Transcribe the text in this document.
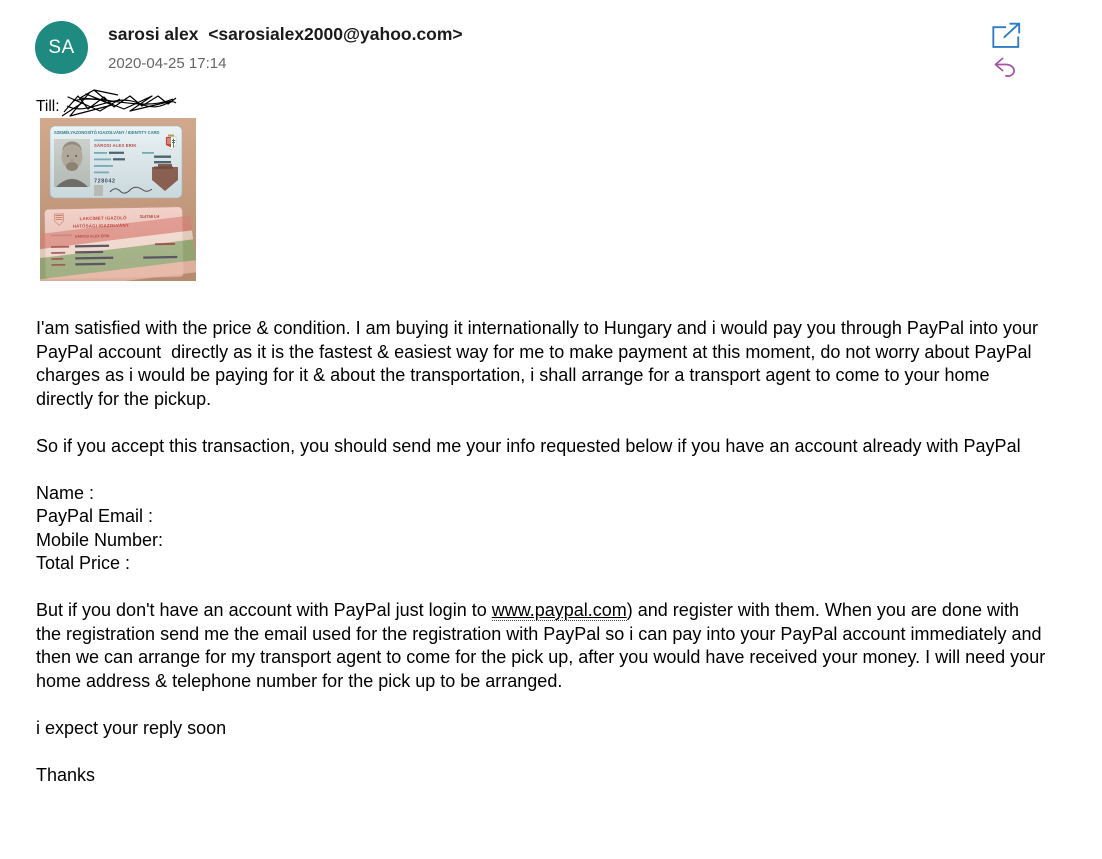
SA
sarosi alex  <sarosialex2000@yahoo.com>
2020-04-25 17:14
Till:
SZEMÉLYAZONOSÍTÓ IGAZOLVÁNY / IDENTITY CARD
SÁROSI ALEX ERIK
728042
LAKCÍMET IGAZOLÓ	314758 LH
HATÓSÁGI IGAZOLVÁNY
SÁROSI ALEX ERIK
I'am satisfied with the price & condition. I am buying it internationally to Hungary and i would pay you through PayPal into your PayPal account  directly as it is the fastest & easiest way for me to make payment at this moment, do not worry about PayPal charges as i would be paying for it & about the transportation, i shall arrange for a transport agent to come to your home directly for the pickup.
So if you accept this transaction, you should send me your info requested below if you have an account already with PayPal
Name :
PayPal Email :
Mobile Number:
Total Price :
But if you don't have an account with PayPal just login to www.paypal.com) and register with them. When you are done with the registration send me the email used for the registration with PayPal so i can pay into your PayPal account immediately and then we can arrange for my transport agent to come for the pick up, after you would have received your money. I will need your home address & telephone number for the pick up to be arranged.
i expect your reply soon
Thanks
